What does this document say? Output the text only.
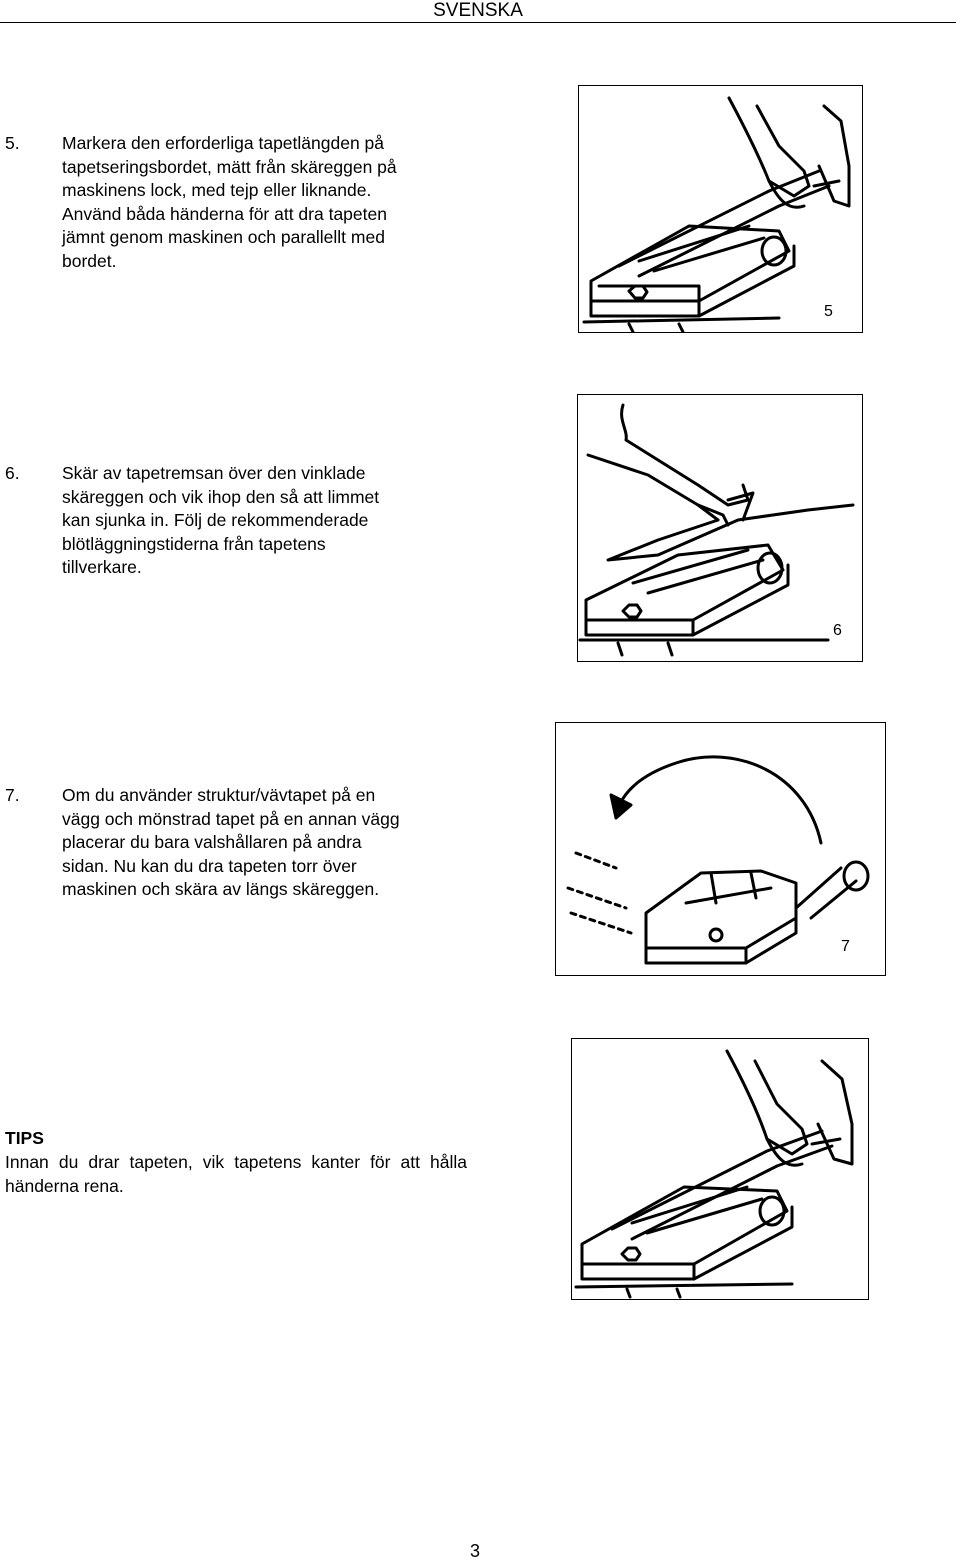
SVENSKA
5. Markera den erforderliga tapetlängden på
tapetseringsbordet, mätt från skäreggen på
maskinens lock, med tejp eller liknande.
Använd båda händerna för att dra tapeten
jämnt genom maskinen och parallellt med
bordet.
5
6. Skär av tapetremsan över den vinklade
skäreggen och vik ihop den så att limmet
kan sjunka in. Följ de rekommenderade
blötläggningstiderna från tapetens
tillverkare.
6
7. Om du använder struktur/vävtapet på en
vägg och mönstrad tapet på en annan vägg
placerar du bara valshållaren på andra
sidan. Nu kan du dra tapeten torr över
maskinen och skära av längs skäreggen.
7
TIPS
Innan du drar tapeten, vik tapetens kanter för att hålla händerna rena.
3
